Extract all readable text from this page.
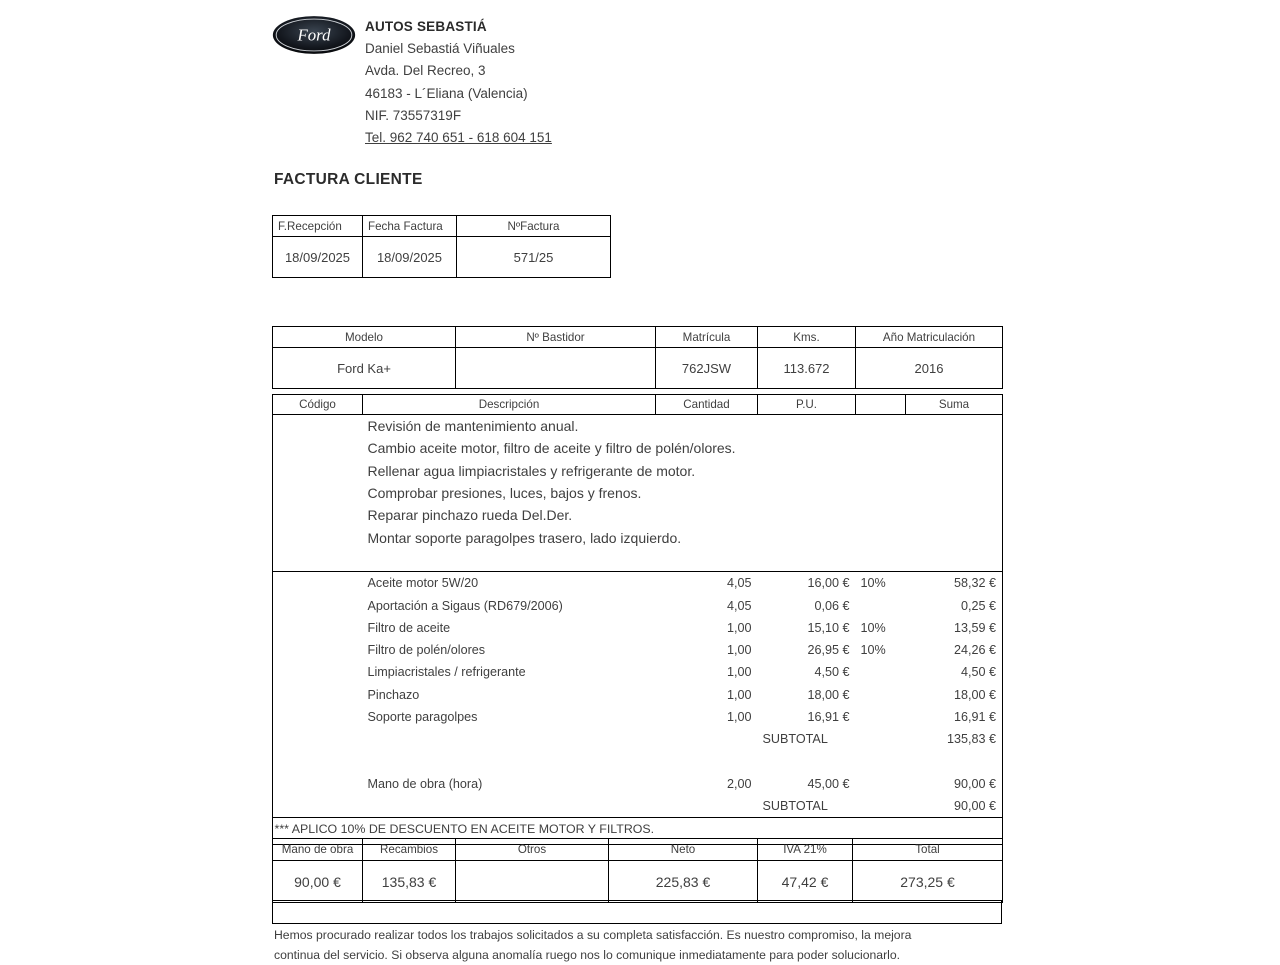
Ford	AUTOS SEBASTIÁ
Daniel Sebastiá Viñuales
Avda. Del Recreo, 3
46183 - L´Eliana (Valencia)
NIF. 73557319F
Tel. 962 740 651 - 618 604 151
FACTURA CLIENTE
F.Recepción	Fecha Factura	NºFactura
18/09/2025	18/09/2025	571/25
Modelo	Nº Bastidor	Matrícula	Kms.	Año Matriculación
Ford Ka+		762JSW	113.672	2016
Código	Descripción	Cantidad	P.U.		Suma
	Revisión de mantenimiento anual.				
	Cambio aceite motor, filtro de aceite y filtro de polén/olores.				
	Rellenar agua limpiacristales y refrigerante de motor.				
	Comprobar presiones, luces, bajos y frenos.				
	Reparar pinchazo rueda Del.Der.				
	Montar soporte paragolpes trasero, lado izquierdo.				

	Aceite motor 5W/20	4,05	16,00 €	10%	58,32 €
	Aportación a Sigaus (RD679/2006)	4,05	0,06 €		0,25 €
	Filtro de aceite	1,00	15,10 €	10%	13,59 €
	Filtro de polén/olores	1,00	26,95 €	10%	24,26 €
	Limpiacristales / refrigerante	1,00	4,50 €		4,50 €
	Pinchazo	1,00	18,00 €		18,00 €
	Soporte paragolpes	1,00	16,91 €		16,91 €
			SUBTOTAL		135,83 €

	Mano de obra (hora)	2,00	45,00 €		90,00 €
			SUBTOTAL		90,00 €

	*** APLICO 10% DE DESCUENTO EN ACEITE MOTOR Y FILTROS.				

Mano de obra	Recambios	Otros	Neto	IVA 21%	Total
90,00 €	135,83 €		225,83 €	47,42 €	273,25 €
Hemos procurado realizar todos los trabajos solicitados a su completa satisfacción. Es nuestro compromiso, la mejora
continua del servicio. Si observa alguna anomalía ruego nos lo comunique inmediatamente para poder solucionarlo.
